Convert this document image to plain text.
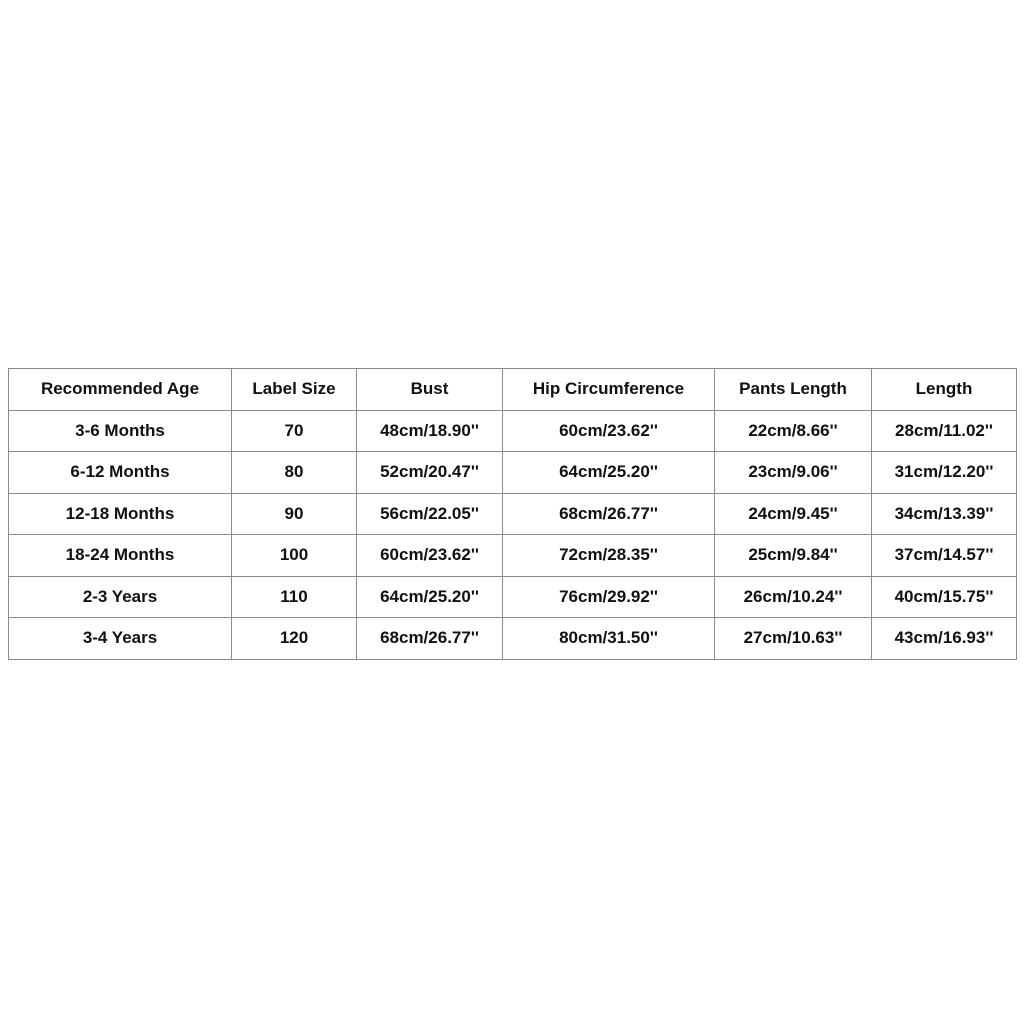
Recommended Age	Label Size	Bust	Hip Circumference	Pants Length	Length
3-6 Months	70	48cm/18.90''	60cm/23.62''	22cm/8.66''	28cm/11.02''
6-12 Months	80	52cm/20.47''	64cm/25.20''	23cm/9.06''	31cm/12.20''
12-18 Months	90	56cm/22.05''	68cm/26.77''	24cm/9.45''	34cm/13.39''
18-24 Months	100	60cm/23.62''	72cm/28.35''	25cm/9.84''	37cm/14.57''
2-3 Years	110	64cm/25.20''	76cm/29.92''	26cm/10.24''	40cm/15.75''
3-4 Years	120	68cm/26.77''	80cm/31.50''	27cm/10.63''	43cm/16.93''
